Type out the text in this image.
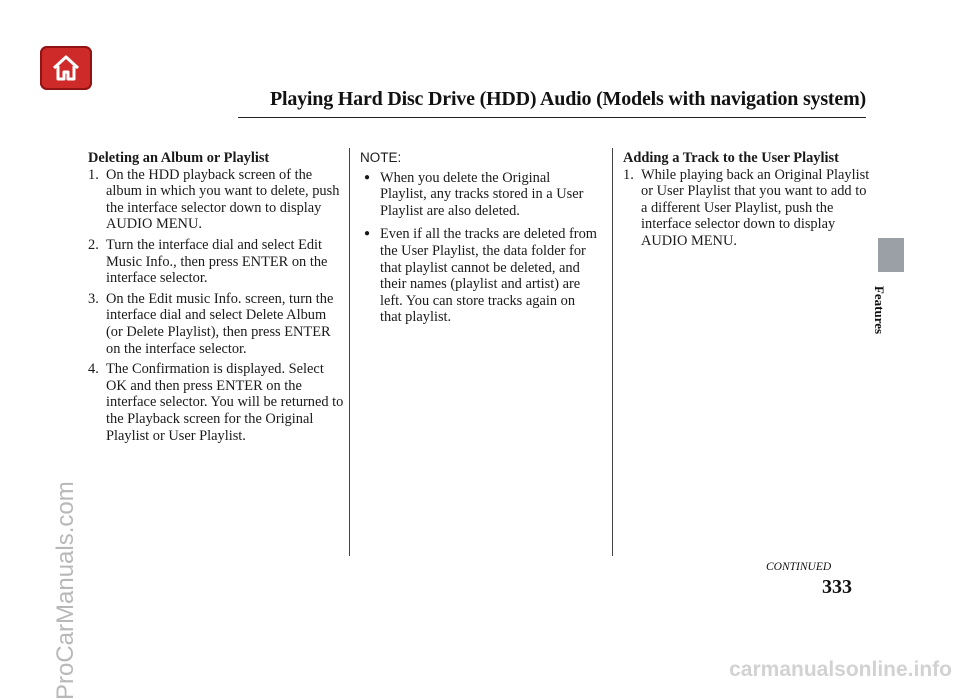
Playing Hard Disc Drive (HDD) Audio (Models with navigation system)
Features
Deleting an Album or Playlist
1. On the HDD playback screen of the album in which you want to delete, push the interface selector down to display AUDIO MENU.
2. Turn the interface dial and select Edit Music Info., then press ENTER on the interface selector.
3. On the Edit music Info. screen, turn the interface dial and select Delete Album (or Delete Playlist), then press ENTER on the interface selector.
4. The Confirmation is displayed. Select OK and then press ENTER on the interface selector. You will be returned to the Playback screen for the Original Playlist or User Playlist.
NOTE:
● When you delete the Original Playlist, any tracks stored in a User Playlist are also deleted.
● Even if all the tracks are deleted from the User Playlist, the data folder for that playlist cannot be deleted, and their names (playlist and artist) are left. You can store tracks again on that playlist.
Adding a Track to the User Playlist
1. While playing back an Original Playlist or User Playlist that you want to add to a different User Playlist, push the interface selector down to display AUDIO MENU.
CONTINUED
333
ProCarManuals.com	carmanualsonline.info
